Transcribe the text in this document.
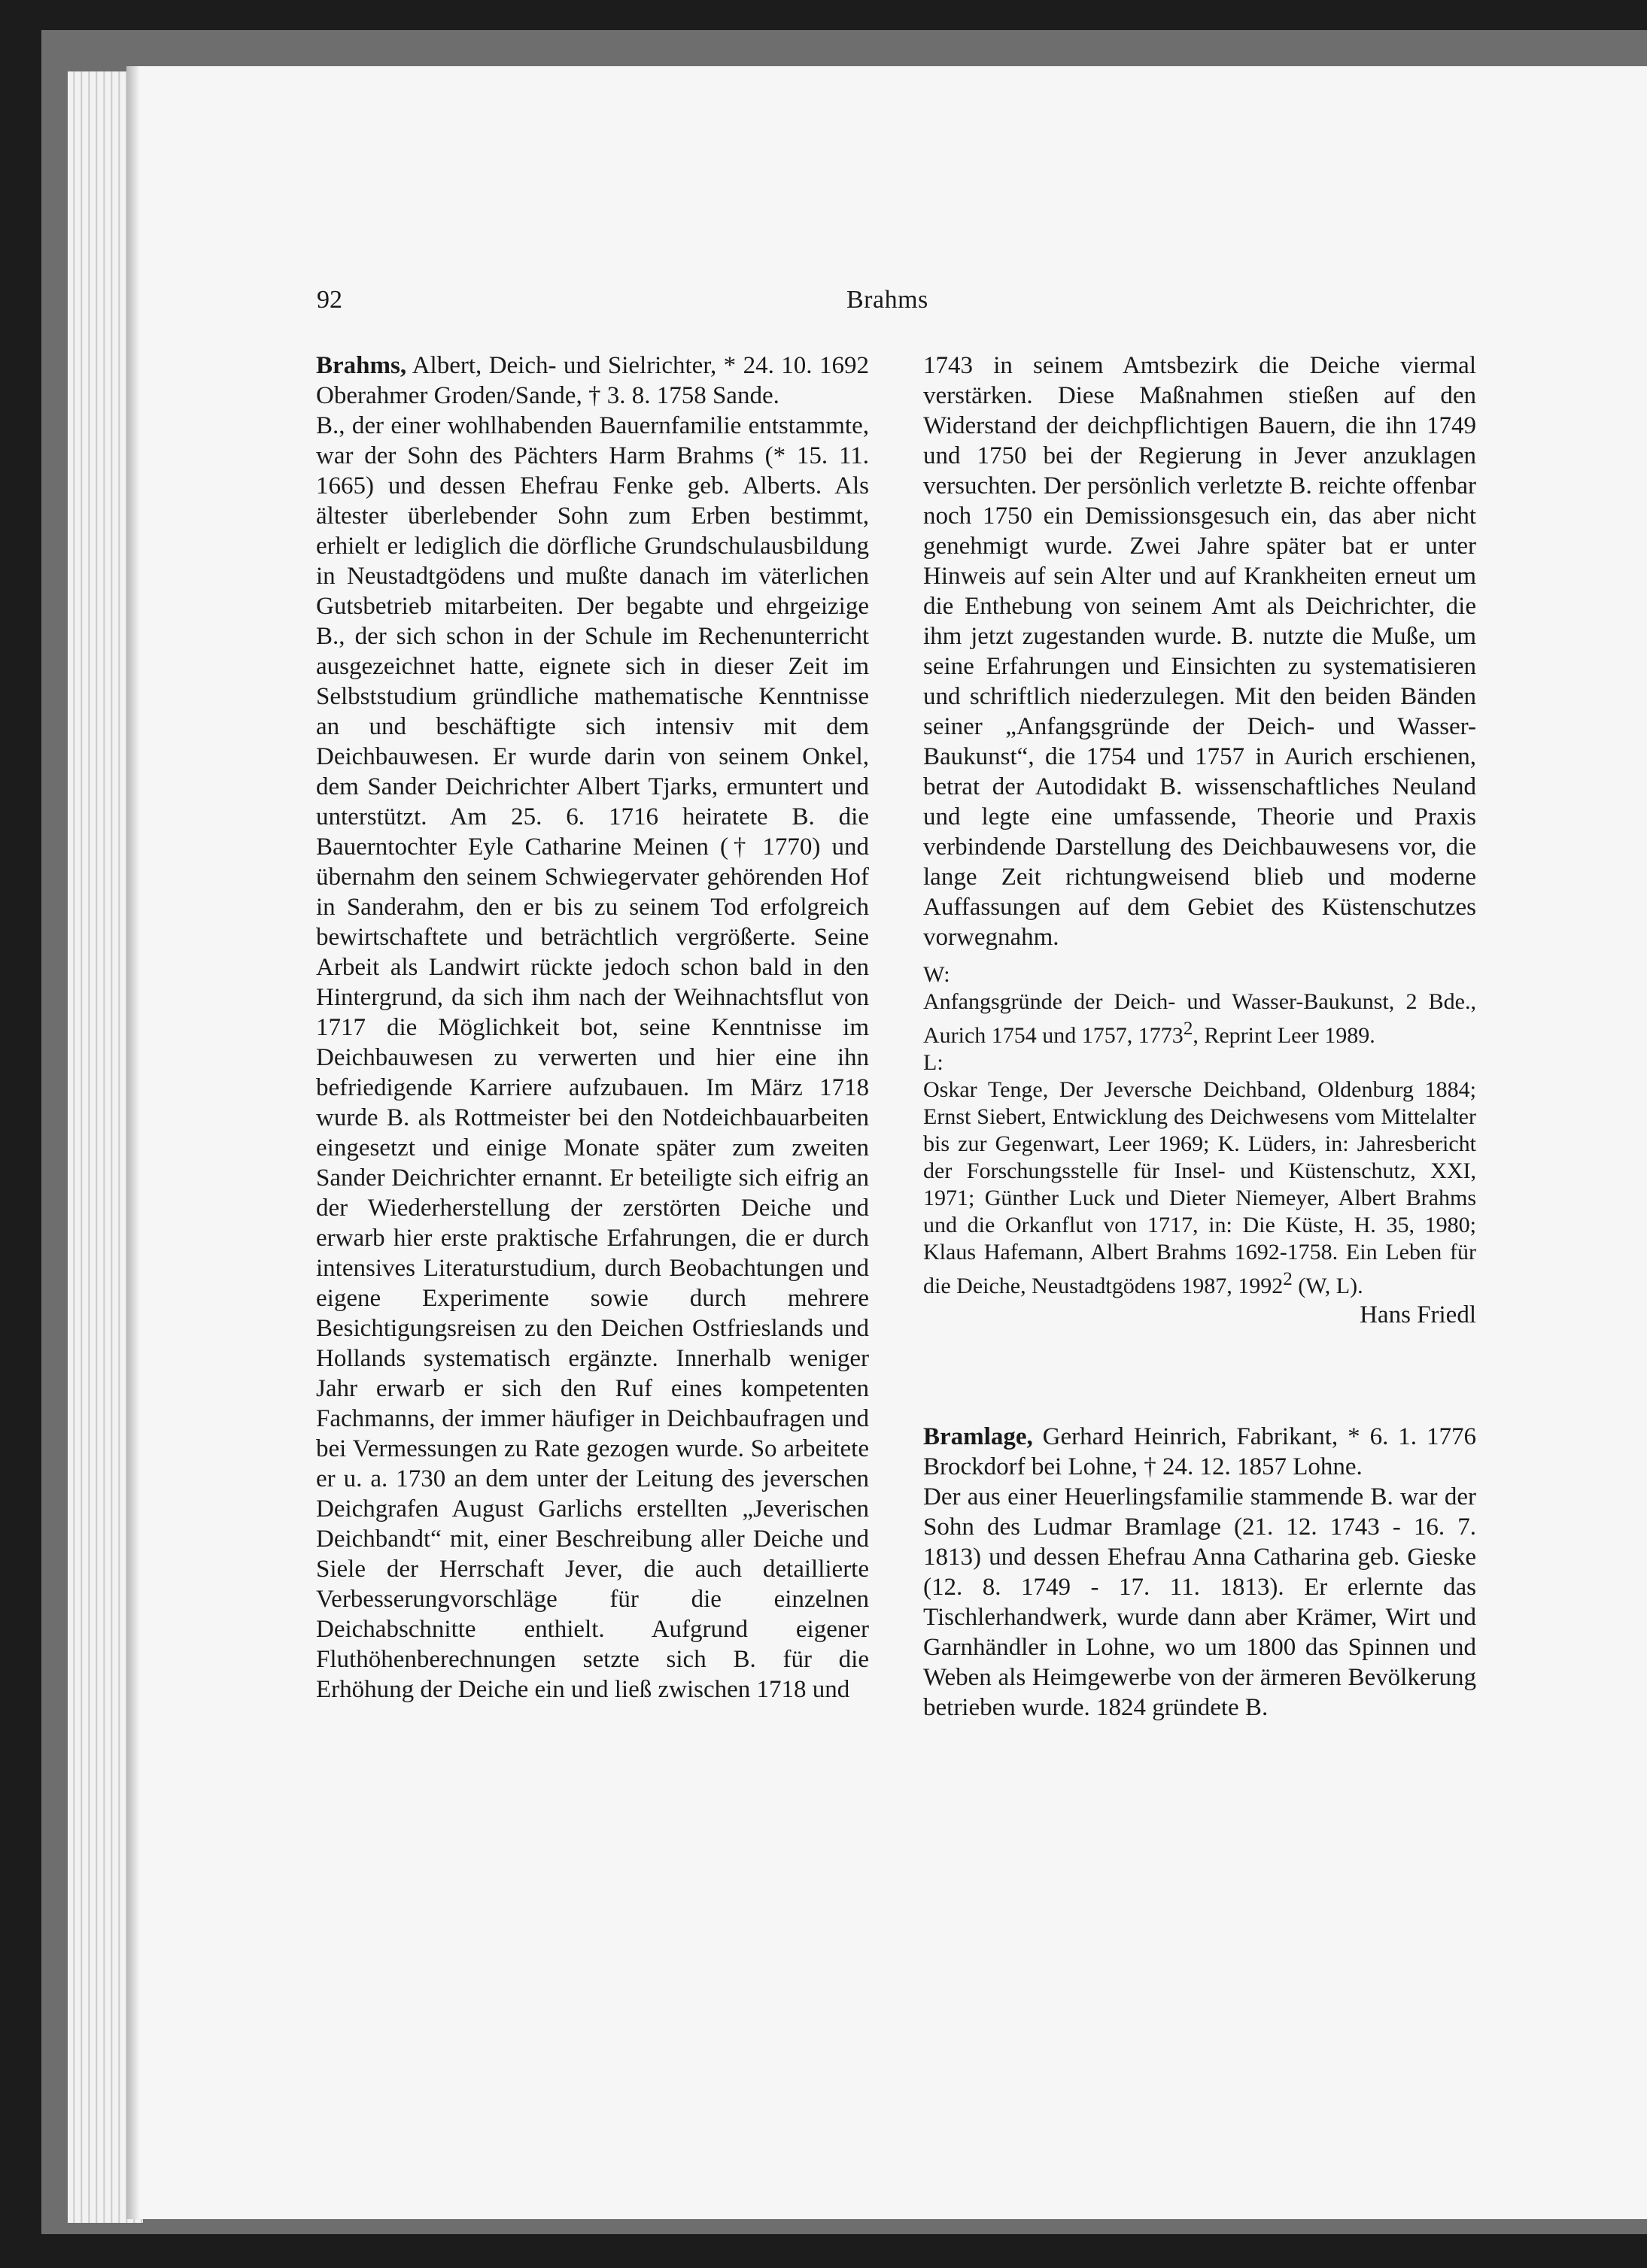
92	Brahms

Brahms, Albert, Deich- und Sielrichter, * 24. 10. 1692 Oberahmer Groden/Sande, † 3. 8. 1758 Sande.

B., der einer wohlhabenden Bauernfamilie entstammte, war der Sohn des Pächters Harm Brahms (* 15. 11. 1665) und dessen Ehefrau Fenke geb. Alberts. Als ältester überlebender Sohn zum Erben bestimmt, erhielt er lediglich die dörfliche Grundschulausbildung in Neustadtgödens und mußte danach im väterlichen Gutsbetrieb mitarbeiten. Der begabte und ehrgeizige B., der sich schon in der Schule im Rechenunterricht ausgezeichnet hatte, eignete sich in dieser Zeit im Selbststudium gründliche mathematische Kenntnisse an und beschäftigte sich intensiv mit dem Deichbauwesen. Er wurde darin von seinem Onkel, dem Sander Deichrichter Albert Tjarks, ermuntert und unterstützt. Am 25. 6. 1716 heiratete B. die Bauerntochter Eyle Catharine Meinen († 1770) und übernahm den seinem Schwiegervater gehörenden Hof in Sanderahm, den er bis zu seinem Tod erfolgreich bewirtschaftete und beträchtlich vergrößerte. Seine Arbeit als Landwirt rückte jedoch schon bald in den Hintergrund, da sich ihm nach der Weihnachtsflut von 1717 die Möglichkeit bot, seine Kenntnisse im Deichbauwesen zu verwerten und hier eine ihn befriedigende Karriere aufzubauen. Im März 1718 wurde B. als Rottmeister bei den Notdeichbauarbeiten eingesetzt und einige Monate später zum zweiten Sander Deichrichter ernannt. Er beteiligte sich eifrig an der Wiederherstellung der zerstörten Deiche und erwarb hier erste praktische Erfahrungen, die er durch intensives Literaturstudium, durch Beobachtungen und eigene Experimente sowie durch mehrere Besichtigungsreisen zu den Deichen Ostfrieslands und Hollands systematisch ergänzte. Innerhalb weniger Jahr erwarb er sich den Ruf eines kompetenten Fachmanns, der immer häufiger in Deichbaufragen und bei Vermessungen zu Rate gezogen wurde. So arbeitete er u. a. 1730 an dem unter der Leitung des jeverschen Deichgrafen August Garlichs erstellten „Jeverischen Deichbandt“ mit, einer Beschreibung aller Deiche und Siele der Herrschaft Jever, die auch detaillierte Verbesserungvorschläge für die einzelnen Deichabschnitte enthielt. Aufgrund eigener Fluthöhenberechnungen setzte sich B. für die Erhöhung der Deiche ein und ließ zwischen 1718 und

1743 in seinem Amtsbezirk die Deiche viermal verstärken. Diese Maßnahmen stießen auf den Widerstand der deichpflichtigen Bauern, die ihn 1749 und 1750 bei der Regierung in Jever anzuklagen versuchten. Der persönlich verletzte B. reichte offenbar noch 1750 ein Demissionsgesuch ein, das aber nicht genehmigt wurde. Zwei Jahre später bat er unter Hinweis auf sein Alter und auf Krankheiten erneut um die Enthebung von seinem Amt als Deichrichter, die ihm jetzt zugestanden wurde. B. nutzte die Muße, um seine Erfahrungen und Einsichten zu systematisieren und schriftlich niederzulegen. Mit den beiden Bänden seiner „Anfangsgründe der Deich- und Wasser-Baukunst“, die 1754 und 1757 in Aurich erschienen, betrat der Autodidakt B. wissenschaftliches Neuland und legte eine umfassende, Theorie und Praxis verbindende Darstellung des Deichbauwesens vor, die lange Zeit richtungweisend blieb und moderne Auffassungen auf dem Gebiet des Küstenschutzes vorwegnahm.

W:

Anfangsgründe der Deich- und Wasser-Baukunst, 2 Bde., Aurich 1754 und 1757, 1773$^2$, Reprint Leer 1989.

L:

Oskar Tenge, Der Jeversche Deichband, Oldenburg 1884; Ernst Siebert, Entwicklung des Deichwesens vom Mittelalter bis zur Gegenwart, Leer 1969; K. Lüders, in: Jahresbericht der Forschungsstelle für Insel- und Küstenschutz, XXI, 1971; Günther Luck und Dieter Niemeyer, Albert Brahms und die Orkanflut von 1717, in: Die Küste, H. 35, 1980; Klaus Hafemann, Albert Brahms 1692-1758. Ein Leben für die Deiche, Neustadtgödens 1987, 1992$^2$ (W, L).

Hans Friedl

Bramlage, Gerhard Heinrich, Fabrikant, * 6. 1. 1776 Brockdorf bei Lohne, † 24. 12. 1857 Lohne.

Der aus einer Heuerlingsfamilie stammende B. war der Sohn des Ludmar Bramlage (21. 12. 1743 - 16. 7. 1813) und dessen Ehefrau Anna Catharina geb. Gieske (12. 8. 1749 - 17. 11. 1813). Er erlernte das Tischlerhandwerk, wurde dann aber Krämer, Wirt und Garnhändler in Lohne, wo um 1800 das Spinnen und Weben als Heimgewerbe von der ärmeren Bevölkerung betrieben wurde. 1824 gründete B.
